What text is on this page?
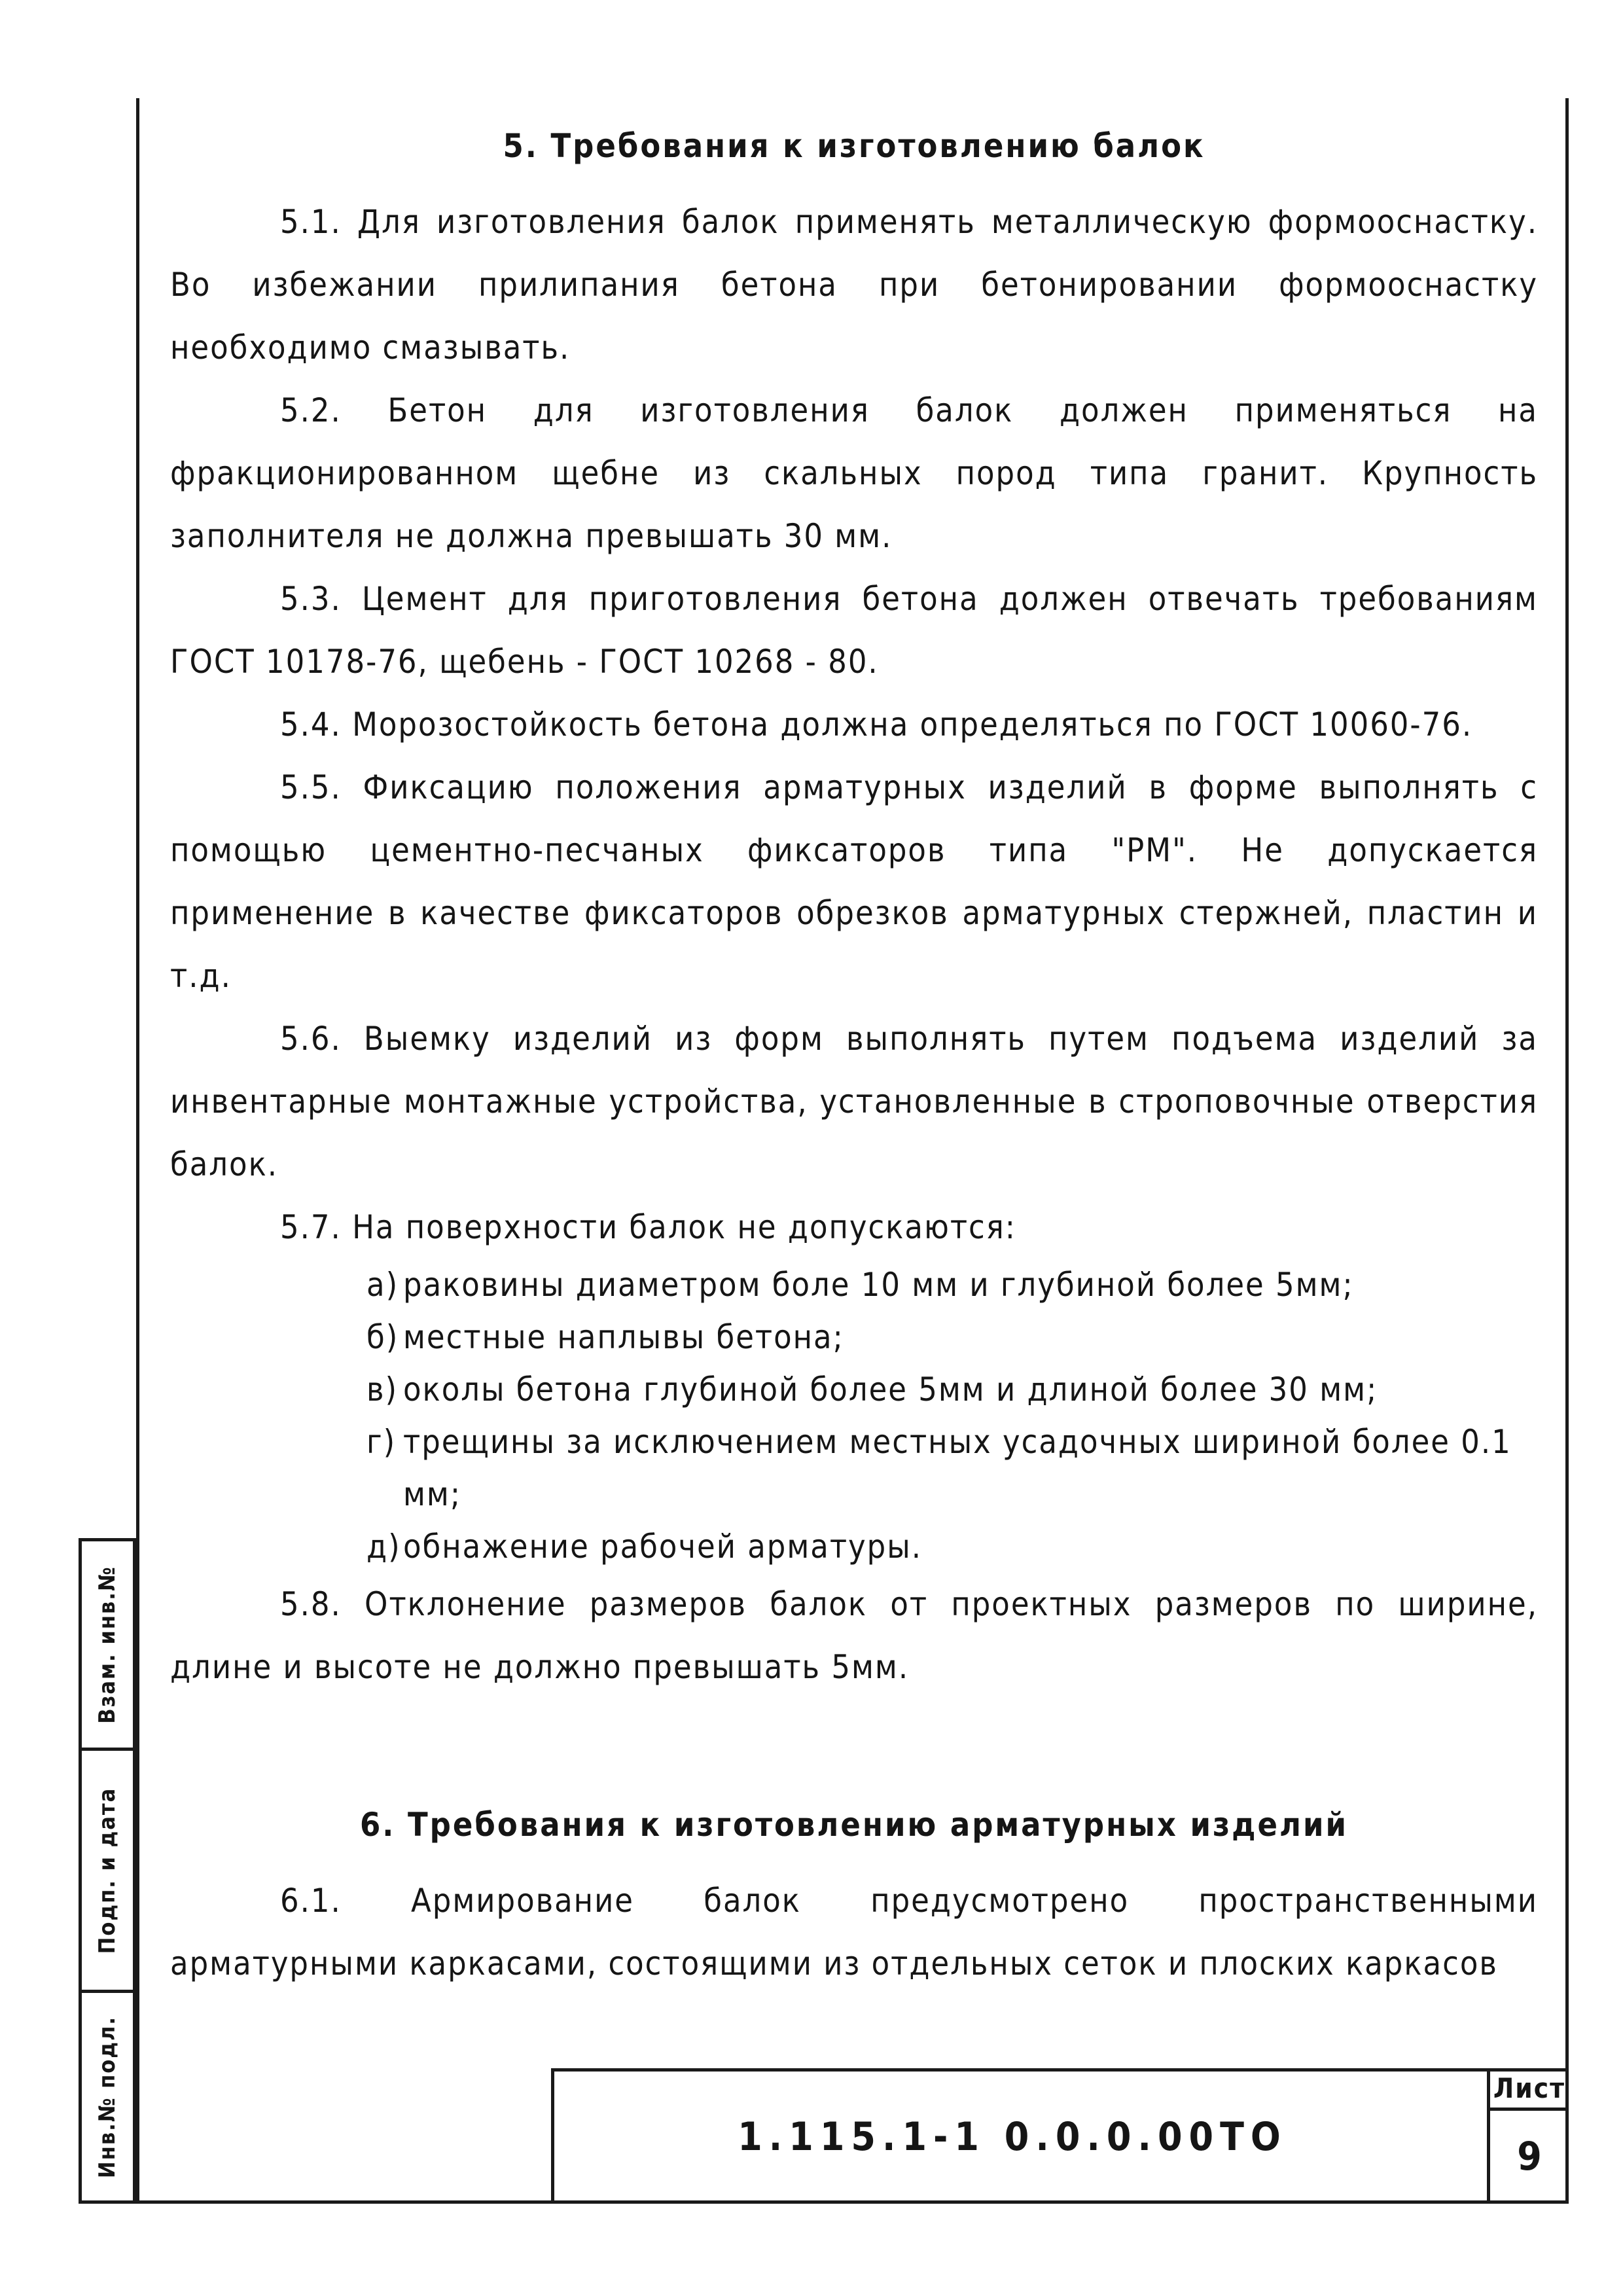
5. Требования к изготовлению балок

5.1. Для изготовления балок применять металлическую формооснастку. Во избежании прилипания бетона при бетонировании формооснастку необходимо смазывать.

5.2. Бетон для изготовления балок должен применяться на фракционированном щебне из скальных пород типа гранит. Крупность заполнителя не должна превышать 30 мм.

5.3. Цемент для приготовления бетона должен отвечать требованиям ГОСТ 10178-76, щебень - ГОСТ 10268 - 80.

5.4. Морозостойкость бетона должна определяться по ГОСТ 10060-76.

5.5. Фиксацию положения арматурных изделий в форме выполнять с помощью цементно-песчаных фиксаторов типа "РМ". Не допускается применение в качестве фиксаторов обрезков арматурных стержней, пластин и т.д.

5.6. Выемку изделий из форм выполнять путем подъема изделий за инвентарные монтажные устройства, установленные в строповочные отверстия балок.

5.7. На поверхности балок не допускаются:

а) раковины диаметром боле 10 мм и глубиной более 5мм;
б) местные наплывы бетона;
в) околы бетона глубиной более 5мм и длиной более 30 мм;
г) трещины за исключением местных усадочных шириной более 0.1 мм;
д) обнажение рабочей арматуры.

5.8. Отклонение размеров балок от проектных размеров по ширине, длине и высоте не должно превышать 5мм.

6. Требования к изготовлению арматурных изделий

6.1. Армирование балок предусмотрено пространственными арматурными каркасами, состоящими из отдельных сеток и плоских каркасов

1.115.1-1 0.0.0.00ТО
Лист
9
Взам. инв.№
Подп. и дата
Инв.№ подл.
